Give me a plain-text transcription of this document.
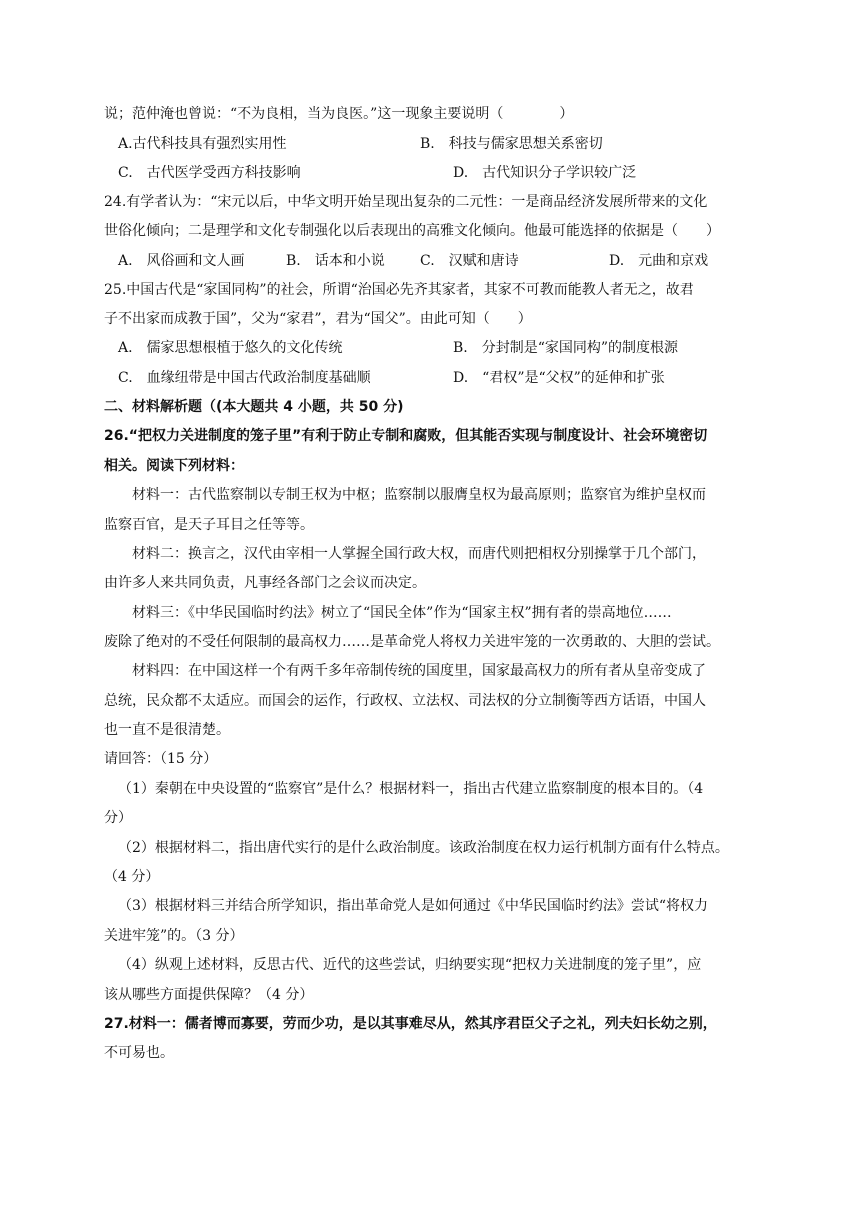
说；范仲淹也曾说：“不为良相，当为良医。”这一现象主要说明（　　　　）
A.古代科技具有强烈实用性	B.　科技与儒家思想关系密切
C.　古代医学受西方科技影响	D.　古代知识分子学识较广泛
24.有学者认为：“宋元以后，中华文明开始呈现出复杂的二元性：一是商品经济发展所带来的文化
世俗化倾向；二是理学和文化专制强化以后表现出的高雅文化倾向。他最可能选择的依据是（　　）
A.　风俗画和文人画	B.　话本和小说	C.　汉赋和唐诗	D.　元曲和京戏
25.中国古代是“家国同构”的社会，所谓“治国必先齐其家者，其家不可教而能教人者无之，故君
子不出家而成教于国”，父为“家君”，君为“国父”。由此可知（　　）
A.　儒家思想根植于悠久的文化传统	B.　分封制是“家国同构”的制度根源
C.　血缘纽带是中国古代政治制度基础顺	D.　“君权”是“父权”的延伸和扩张
二、材料解析题（(本大题共 4 小题，共 50 分)
26.“把权力关进制度的笼子里”有利于防止专制和腐败，但其能否实现与制度设计、社会环境密切
相关。阅读下列材料：
材料一：古代监察制以专制王权为中枢；监察制以服膺皇权为最高原则；监察官为维护皇权而
监察百官，是天子耳目之任等等。
材料二：换言之，汉代由宰相一人掌握全国行政大权，而唐代则把相权分别操掌于几个部门，
由许多人来共同负责，凡事经各部门之会议而决定。
材料三：《中华民国临时约法》树立了“国民全体”作为“国家主权”拥有者的崇高地位……
废除了绝对的不受任何限制的最高权力……是革命党人将权力关进牢笼的一次勇敢的、大胆的尝试。
材料四：在中国这样一个有两千多年帝制传统的国度里，国家最高权力的所有者从皇帝变成了
总统，民众都不太适应。而国会的运作，行政权、立法权、司法权的分立制衡等西方话语，中国人
也一直不是很清楚。
请回答：（15 分）
（1）秦朝在中央设置的“监察官”是什么？根据材料一，指出古代建立监察制度的根本目的。（4
分）
（2）根据材料二，指出唐代实行的是什么政治制度。该政治制度在权力运行机制方面有什么特点。
（4 分）
（3）根据材料三并结合所学知识，指出革命党人是如何通过《中华民国临时约法》尝试“将权力
关进牢笼”的。（3 分）
（4）纵观上述材料，反思古代、近代的这些尝试，归纳要实现“把权力关进制度的笼子里”，应
该从哪些方面提供保障？（4 分）
27.材料一：儒者博而寡要，劳而少功，是以其事难尽从，然其序君臣父子之礼，列夫妇长幼之别，
不可易也。
